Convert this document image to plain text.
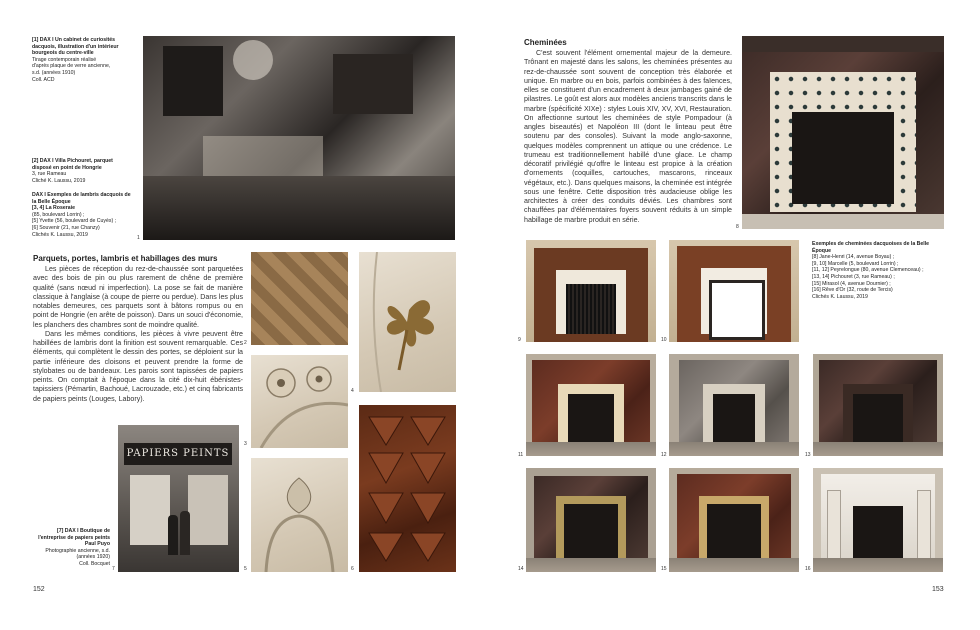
[1] DAX I Un cabinet de curiosités dacquois, illustration d'un intérieur bourgeois du centre-ville
Tirage contemporain réalisé
d'après plaque de verre ancienne,
s.d. (années 1910)
Coll. ACD
[2] DAX I Villa Pichouret, parquet disposé en point de Hongrie
3, rue Rameau
Cliché K. Laussu, 2019
DAX I Exemples de lambris dacquois de la Belle Époque
[3, 4] La Roseraie
(85, boulevard Lorrin) ;
[5] Yvette (56, boulevard de Cuyès) ;
[6] Souvenir (21, rue Chanzy)
Clichés K. Laussu, 2019
1
Parquets, portes, lambris et habillages des murs

Les pièces de réception du rez-de-chaussée sont parquetées avec des bois de pin ou plus rarement de chêne de première qualité (sans nœud ni imperfection). La pose se fait de manière classique à l'anglaise (à coupe de pierre ou perdue). Dans les plus notables demeures, ces parquets sont à bâtons rompus ou en point de Hongrie (en arête de poisson). Dans un souci d'économie, les planchers des chambres sont de moindre qualité.

Dans les mêmes conditions, les pièces à vivre peuvent être habillées de lambris dont la finition est souvent remarquable. Ces éléments, qui complètent le dessin des portes, se déploient sur la partie inférieure des cloisons et peuvent prendre la forme de stylobates ou de bandeaux. Les parois sont tapissées de papiers peints. On comptait à l'époque dans la cité dix-huit ébénistes-tapissiers (Pémartin, Bachoué, Lacrouzade, etc.) et cinq fabricants de papiers peints (Louges, Labory).

2
4
3
6
5
PAPIERS PEINTS
7
[7] DAX I Boutique de l'entreprise de papiers peints Paul Puyo
Photographie ancienne, s.d.
(années 1920)
Coll. Bocquet
152
Cheminées

C'est souvent l'élément ornemental majeur de la demeure. Trônant en majesté dans les salons, les cheminées présentes au rez-de-chaussée sont souvent de conception très élaborée et unique. En marbre ou en bois, parfois combinées à des faïences, elles se constituent d'un encadrement à deux jambages gainé de pilastres. Le goût est alors aux modèles anciens transcrits dans le marbre (spécificité XIXe) : styles Louis XIV, XV, XVI, Restauration. On affectionne surtout les cheminées de style Pompadour (à angles biseautés) et Napoléon III (dont le linteau peut être soutenu par des consoles). Suivant la mode anglo-saxonne, quelques modèles comprennent un attique ou une crédence. Le trumeau est traditionnellement habillé d'une glace. Le champ décoratif privilégié qu'offre le linteau est propice à la création d'ornements (coquilles, cartouches, mascarons, rinceaux végétaux, etc.). Dans quelques maisons, la cheminée est intégrée sous une fenêtre. Cette disposition très audacieuse oblige les architectes à créer des conduits déviés. Les chambres sont chauffées par d'élémentaires foyers souvent réduits à un simple habillage de marbre produit en série.

8
Exemples de cheminées dacquoises de la Belle Époque
[8] Jane-Henri (14, avenue Boyau) ;
[9, 10] Marcelle (5, boulevard Lorrin) ;
[11, 12] Peyrelongue (80, avenue Clemenceau) ;
[13, 14] Pichouret (3, rue Rameau) ;
[15] Mirasol (4, avenue Dournier) ;
[16] Rêve d'Or (32, route de Tercis)
Clichés K. Laussu, 2019
9	10
11	12	13
14	15	16
153
